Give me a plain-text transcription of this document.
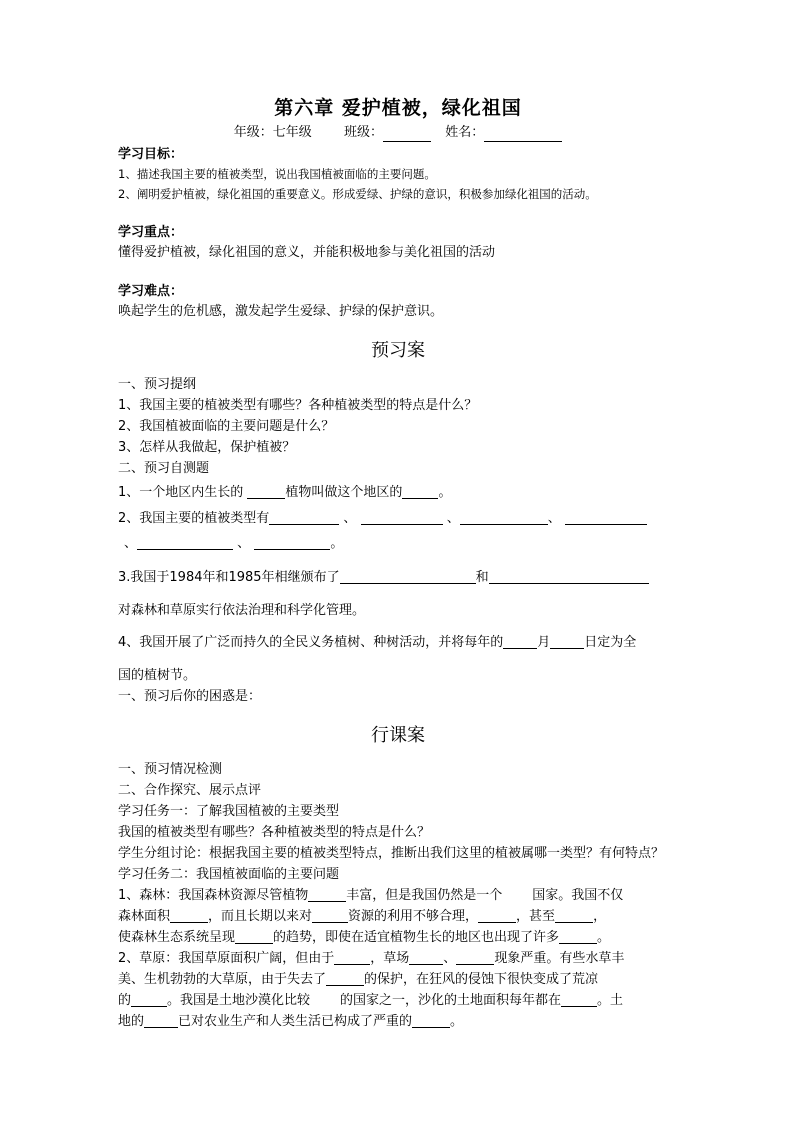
第六章 爱护植被，绿化祖国

年级：七年级 班级：	姓名：

学习目标：

1、描述我国主要的植被类型，说出我国植被面临的主要问题。

2、阐明爱护植被，绿化祖国的重要意义。形成爱绿、护绿的意识，积极参加绿化祖国的活动。

学习重点：

懂得爱护植被，绿化祖国的意义，并能积极地参与美化祖国的活动

学习难点：

唤起学生的危机感，激发起学生爱绿、护绿的保护意识。

预习案

一、预习提纲

1、我国主要的植被类型有哪些？各种植被类型的特点是什么？

2、我国植被面临的主要问题是什么？

3、怎样从我做起，保护植被？

二、预习自测题

1、一个地区内生长的	植物叫做这个地区的	。

2、我国主要的植被类型有	、	、	、
、	、	。

3.我国于1984年和1985年相继颁布了	和

对森林和草原实行依法治理和科学化管理。

4、我国开展了广泛而持久的全民义务植树、种树活动，并将每年的	月	日定为全

国的植树节。

一、预习后你的困惑是：

行课案

一、预习情况检测

二、合作探究、展示点评

学习任务一：了解我国植被的主要类型

我国的植被类型有哪些？各种植被类型的特点是什么？

学生分组讨论：根据我国主要的植被类型特点，推断出我们这里的植被属哪一类型？有何特点？

学习任务二：我国植被面临的主要问题

1、森林：我国森林资源尽管植物	丰富，但是我国仍然是一个 国家。我国不仅
森林面积	，而且长期以来对	资源的利用不够合理，	，甚至	，
使森林生态系统呈现	的趋势，即使在适宜植物生长的地区也出现了许多	。

2、草原：我国草原面积广阔，但由于	，草场	、	现象严重。有些水草丰
美、生机勃勃的大草原，由于失去了	的保护，在狂风的侵蚀下很快变成了荒凉
的	。我国是土地沙漠化比较 的国家之一，沙化的土地面积每年都在	。土
地的	已对农业生产和人类生活已构成了严重的	。
